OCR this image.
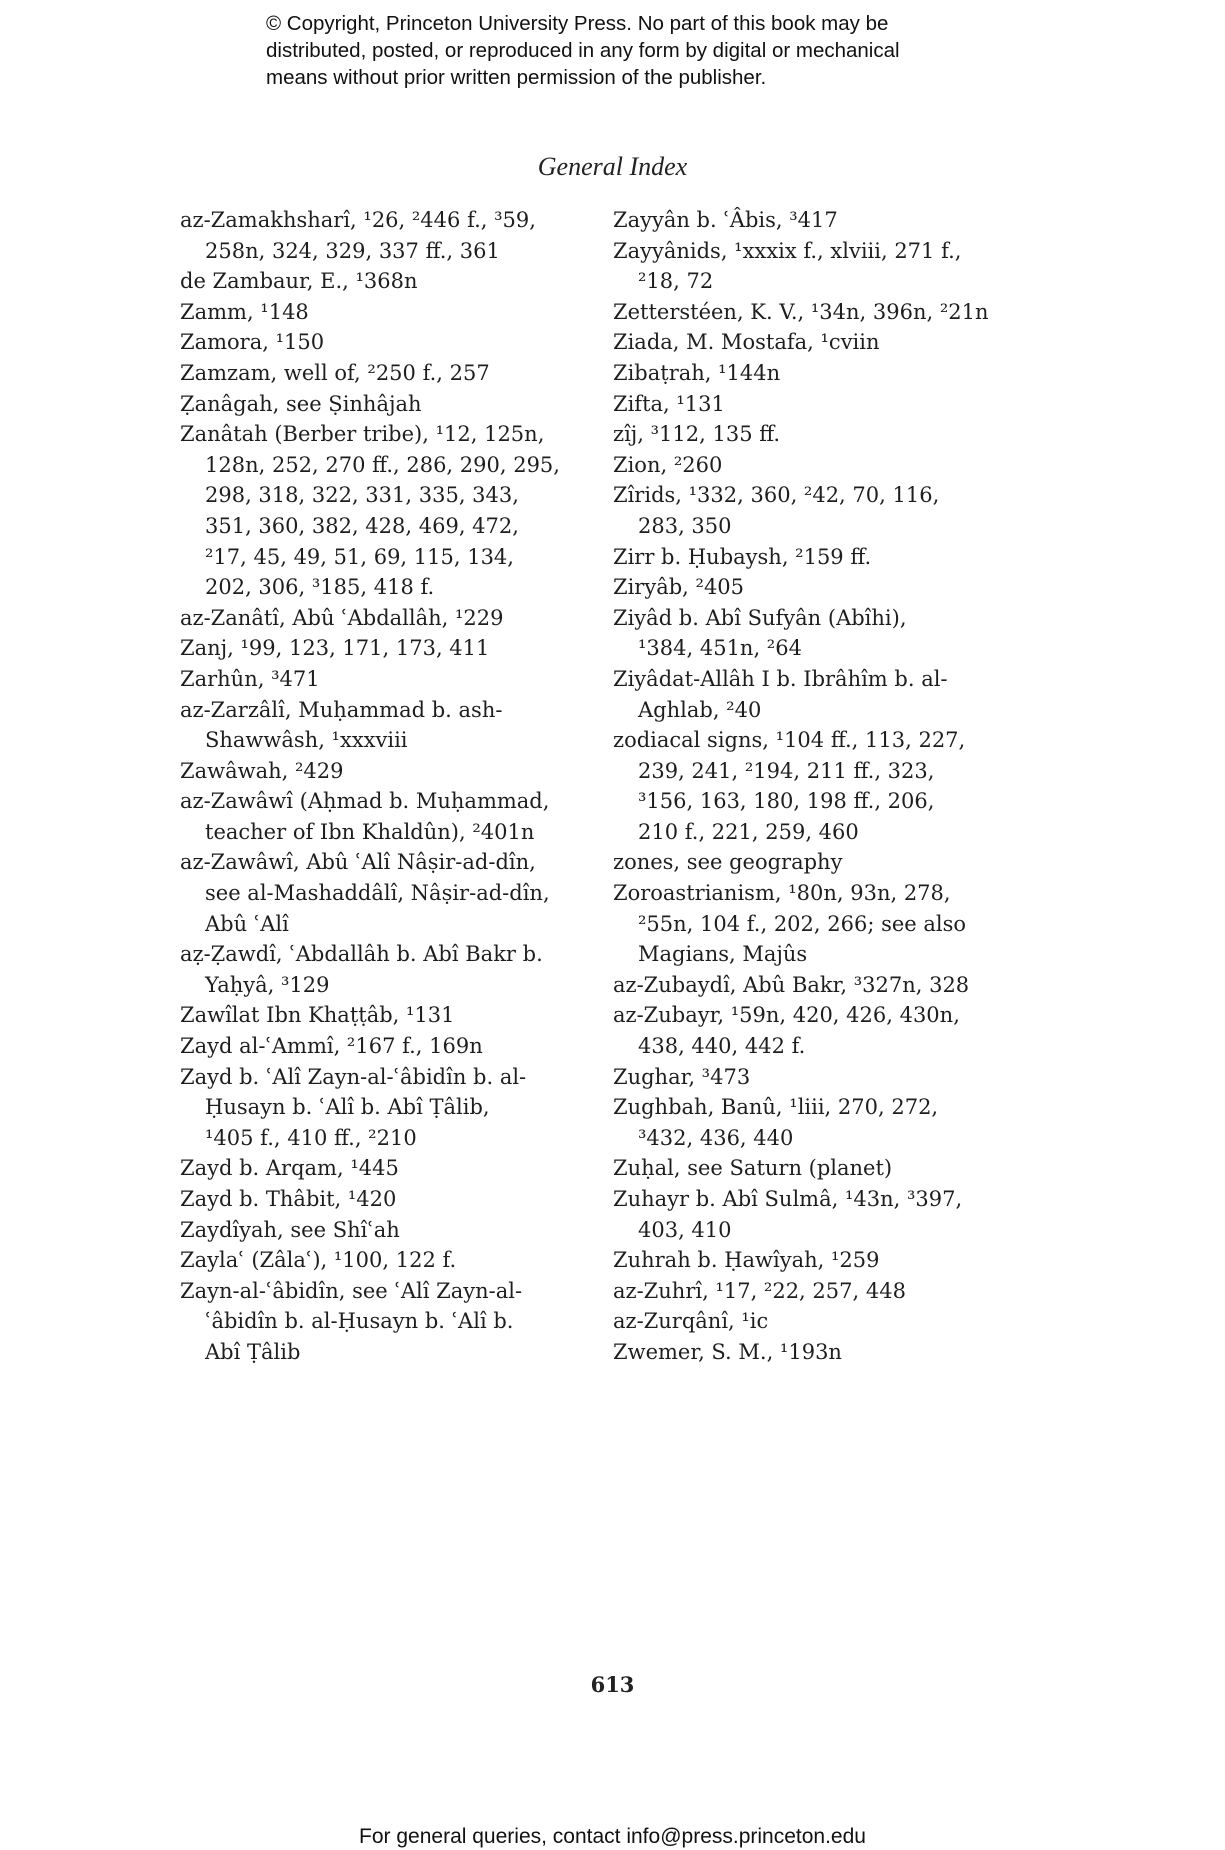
© Copyright, Princeton University Press. No part of this book may be
distributed, posted, or reproduced in any form by digital or mechanical
means without prior written permission of the publisher.
General Index
az-Zamakhsharî, ¹26, ²446 f., ³59,
258n, 324, 329, 337 ff., 361
de Zambaur, E., ¹368n
Zamm, ¹148
Zamora, ¹150
Zamzam, well of, ²250 f., 257
Ẓanâgah, see Ṣinhâjah
Zanâtah (Berber tribe), ¹12, 125n,
128n, 252, 270 ff., 286, 290, 295,
298, 318, 322, 331, 335, 343,
351, 360, 382, 428, 469, 472,
²17, 45, 49, 51, 69, 115, 134,
202, 306, ³185, 418 f.
az-Zanâtî, Abû ʿAbdallâh, ¹229
Zanj, ¹99, 123, 171, 173, 411
Zarhûn, ³471
az-Zarzâlî, Muḥammad b. ash-
Shawwâsh, ¹xxxviii
Zawâwah, ²429
az-Zawâwî (Aḥmad b. Muḥammad,
teacher of Ibn Khaldûn), ²401n
az-Zawâwî, Abû ʿAlî Nâṣir-ad-dîn,
see al-Mashaddâlî, Nâṣir-ad-dîn,
Abû ʿAlî
aẓ-Ẓawdî, ʿAbdallâh b. Abî Bakr b.
Yaḥyâ, ³129
Zawîlat Ibn Khaṭṭâb, ¹131
Zayd al-ʿAmmî, ²167 f., 169n
Zayd b. ʿAlî Zayn-al-ʿâbidîn b. al-
Ḥusayn b. ʿAlî b. Abî Ṭâlib,
¹405 f., 410 ff., ²210
Zayd b. Arqam, ¹445
Zayd b. Thâbit, ¹420
Zaydîyah, see Shîʿah
Zaylaʿ (Zâlaʿ), ¹100, 122 f.
Zayn-al-ʿâbidîn, see ʿAlî Zayn-al-
ʿâbidîn b. al-Ḥusayn b. ʿAlî b.
Abî Ṭâlib
Zayyân b. ʿÂbis, ³417
Zayyânids, ¹xxxix f., xlviii, 271 f.,
²18, 72
Zetterstéen, K. V., ¹34n, 396n, ²21n
Ziada, M. Mostafa, ¹cviin
Zibaṭrah, ¹144n
Zifta, ¹131
zîj, ³112, 135 ff.
Zion, ²260
Zîrids, ¹332, 360, ²42, 70, 116,
283, 350
Zirr b. Ḥubaysh, ²159 ff.
Ziryâb, ²405
Ziyâd b. Abî Sufyân (Abîhi),
¹384, 451n, ²64
Ziyâdat-Allâh I b. Ibrâhîm b. al-
Aghlab, ²40
zodiacal signs, ¹104 ff., 113, 227,
239, 241, ²194, 211 ff., 323,
³156, 163, 180, 198 ff., 206,
210 f., 221, 259, 460
zones, see geography
Zoroastrianism, ¹80n, 93n, 278,
²55n, 104 f., 202, 266; see also
Magians, Majûs
az-Zubaydî, Abû Bakr, ³327n, 328
az-Zubayr, ¹59n, 420, 426, 430n,
438, 440, 442 f.
Zughar, ³473
Zughbah, Banû, ¹liii, 270, 272,
³432, 436, 440
Zuḥal, see Saturn (planet)
Zuhayr b. Abî Sulmâ, ¹43n, ³397,
403, 410
Zuhrah b. Ḥawîyah, ¹259
az-Zuhrî, ¹17, ²22, 257, 448
az-Zurqânî, ¹ic
Zwemer, S. M., ¹193n
613
For general queries, contact info@press.princeton.edu
